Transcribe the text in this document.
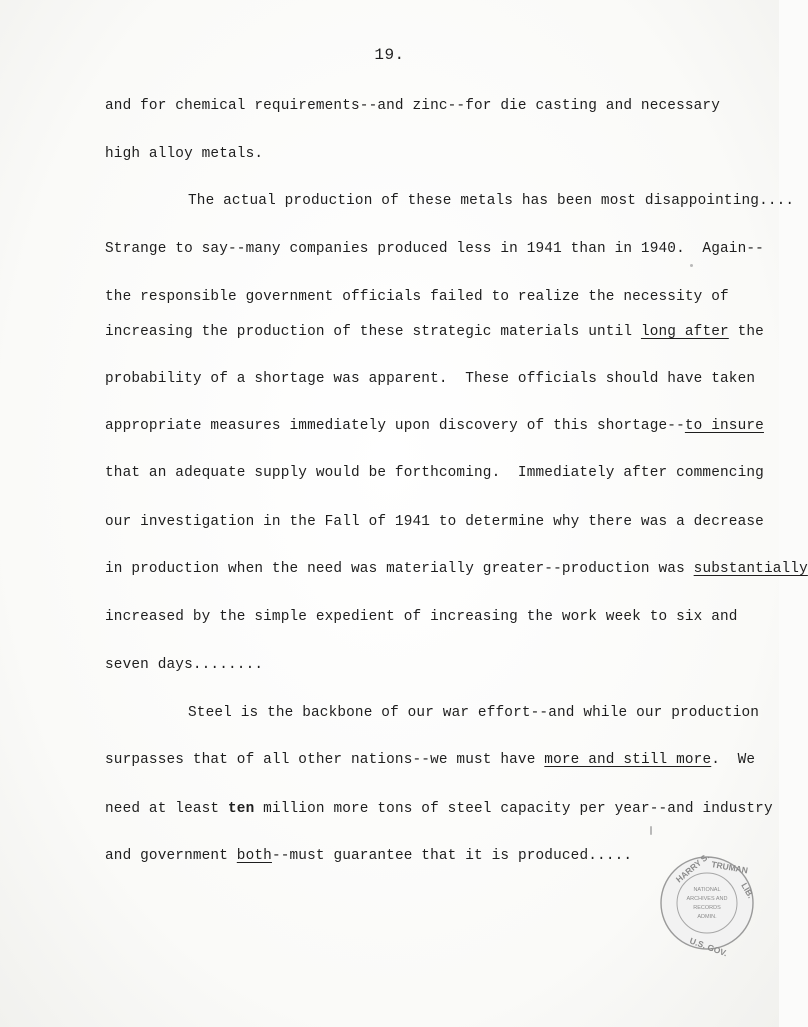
19.
and for chemical requirements--and zinc--for die casting and necessary
high alloy metals.
The actual production of these metals has been most disappointing....
Strange to say--many companies produced less in 1941 than in 1940.  Again--
the responsible government officials failed to realize the necessity of
increasing the production of these strategic materials until long after the
probability of a shortage was apparent.  These officials should have taken
appropriate measures immediately upon discovery of this shortage--to insure
that an adequate supply would be forthcoming.  Immediately after commencing
our investigation in the Fall of 1941 to determine why there was a decrease
in production when the need was materially greater--production was substantially
increased by the simple expedient of increasing the work week to six and
seven days........
Steel is the backbone of our war effort--and while our production
surpasses that of all other nations--we must have more and still more.  We
need at least ten million more tons of steel capacity per year--and industry
and government both--must guarantee that it is produced.....
NATIONAL
ARCHIVES AND
RECORDS
ADMIN.
HARRY S. TRUMAN
LIB.
U.S. GOV.
